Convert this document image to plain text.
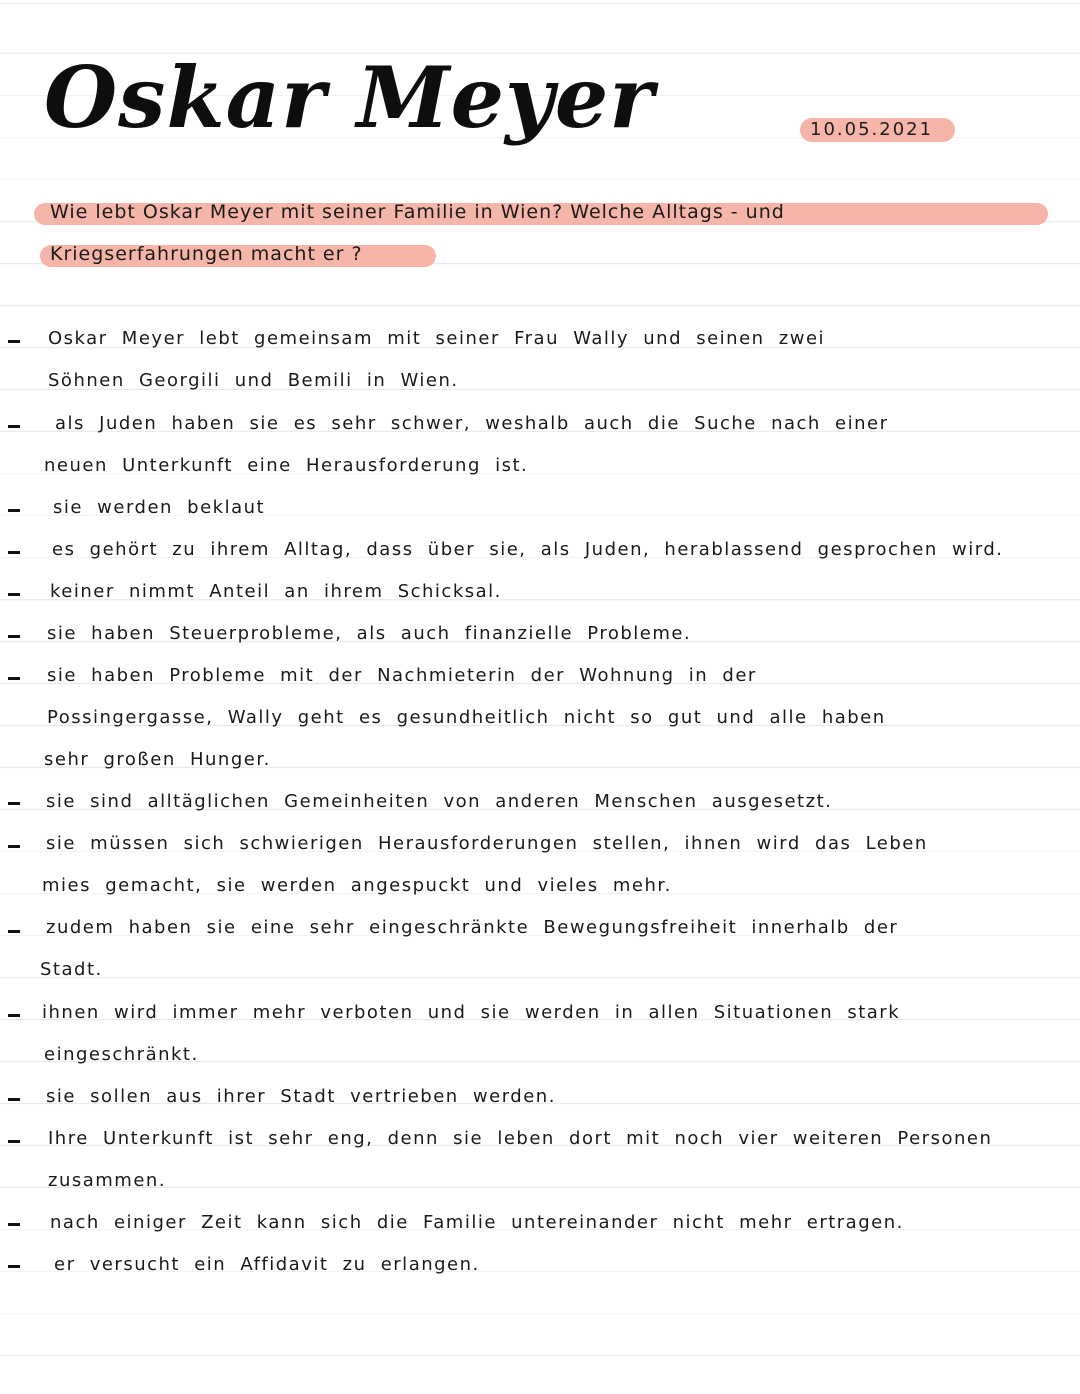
Oskar Meyer	10.05.2021
Wie lebt Oskar Meyer mit seiner Familie in Wien? Welche Alltags - und
Kriegserfahrungen macht er ?
Oskar Meyer lebt gemeinsam mit seiner Frau Wally und seinen zwei
Söhnen Georgili und Bemili in Wien.
als Juden haben sie es sehr schwer, weshalb auch die Suche nach einer
neuen Unterkunft eine Herausforderung ist.
sie werden beklaut
es gehört zu ihrem Alltag, dass über sie, als Juden, herablassend gesprochen wird.
keiner nimmt Anteil an ihrem Schicksal.
sie haben Steuerprobleme, als auch finanzielle Probleme.
sie haben Probleme mit der Nachmieterin der Wohnung in der
Possingergasse, Wally geht es gesundheitlich nicht so gut und alle haben
sehr großen Hunger.
sie sind alltäglichen Gemeinheiten von anderen Menschen ausgesetzt.
sie müssen sich schwierigen Herausforderungen stellen, ihnen wird das Leben
mies gemacht, sie werden angespuckt und vieles mehr.
zudem haben sie eine sehr eingeschränkte Bewegungsfreiheit innerhalb der
Stadt.
ihnen wird immer mehr verboten und sie werden in allen Situationen stark
eingeschränkt.
sie sollen aus ihrer Stadt vertrieben werden.
Ihre Unterkunft ist sehr eng, denn sie leben dort mit noch vier weiteren Personen
zusammen.
nach einiger Zeit kann sich die Familie untereinander nicht mehr ertragen.
er versucht ein Affidavit zu erlangen.
